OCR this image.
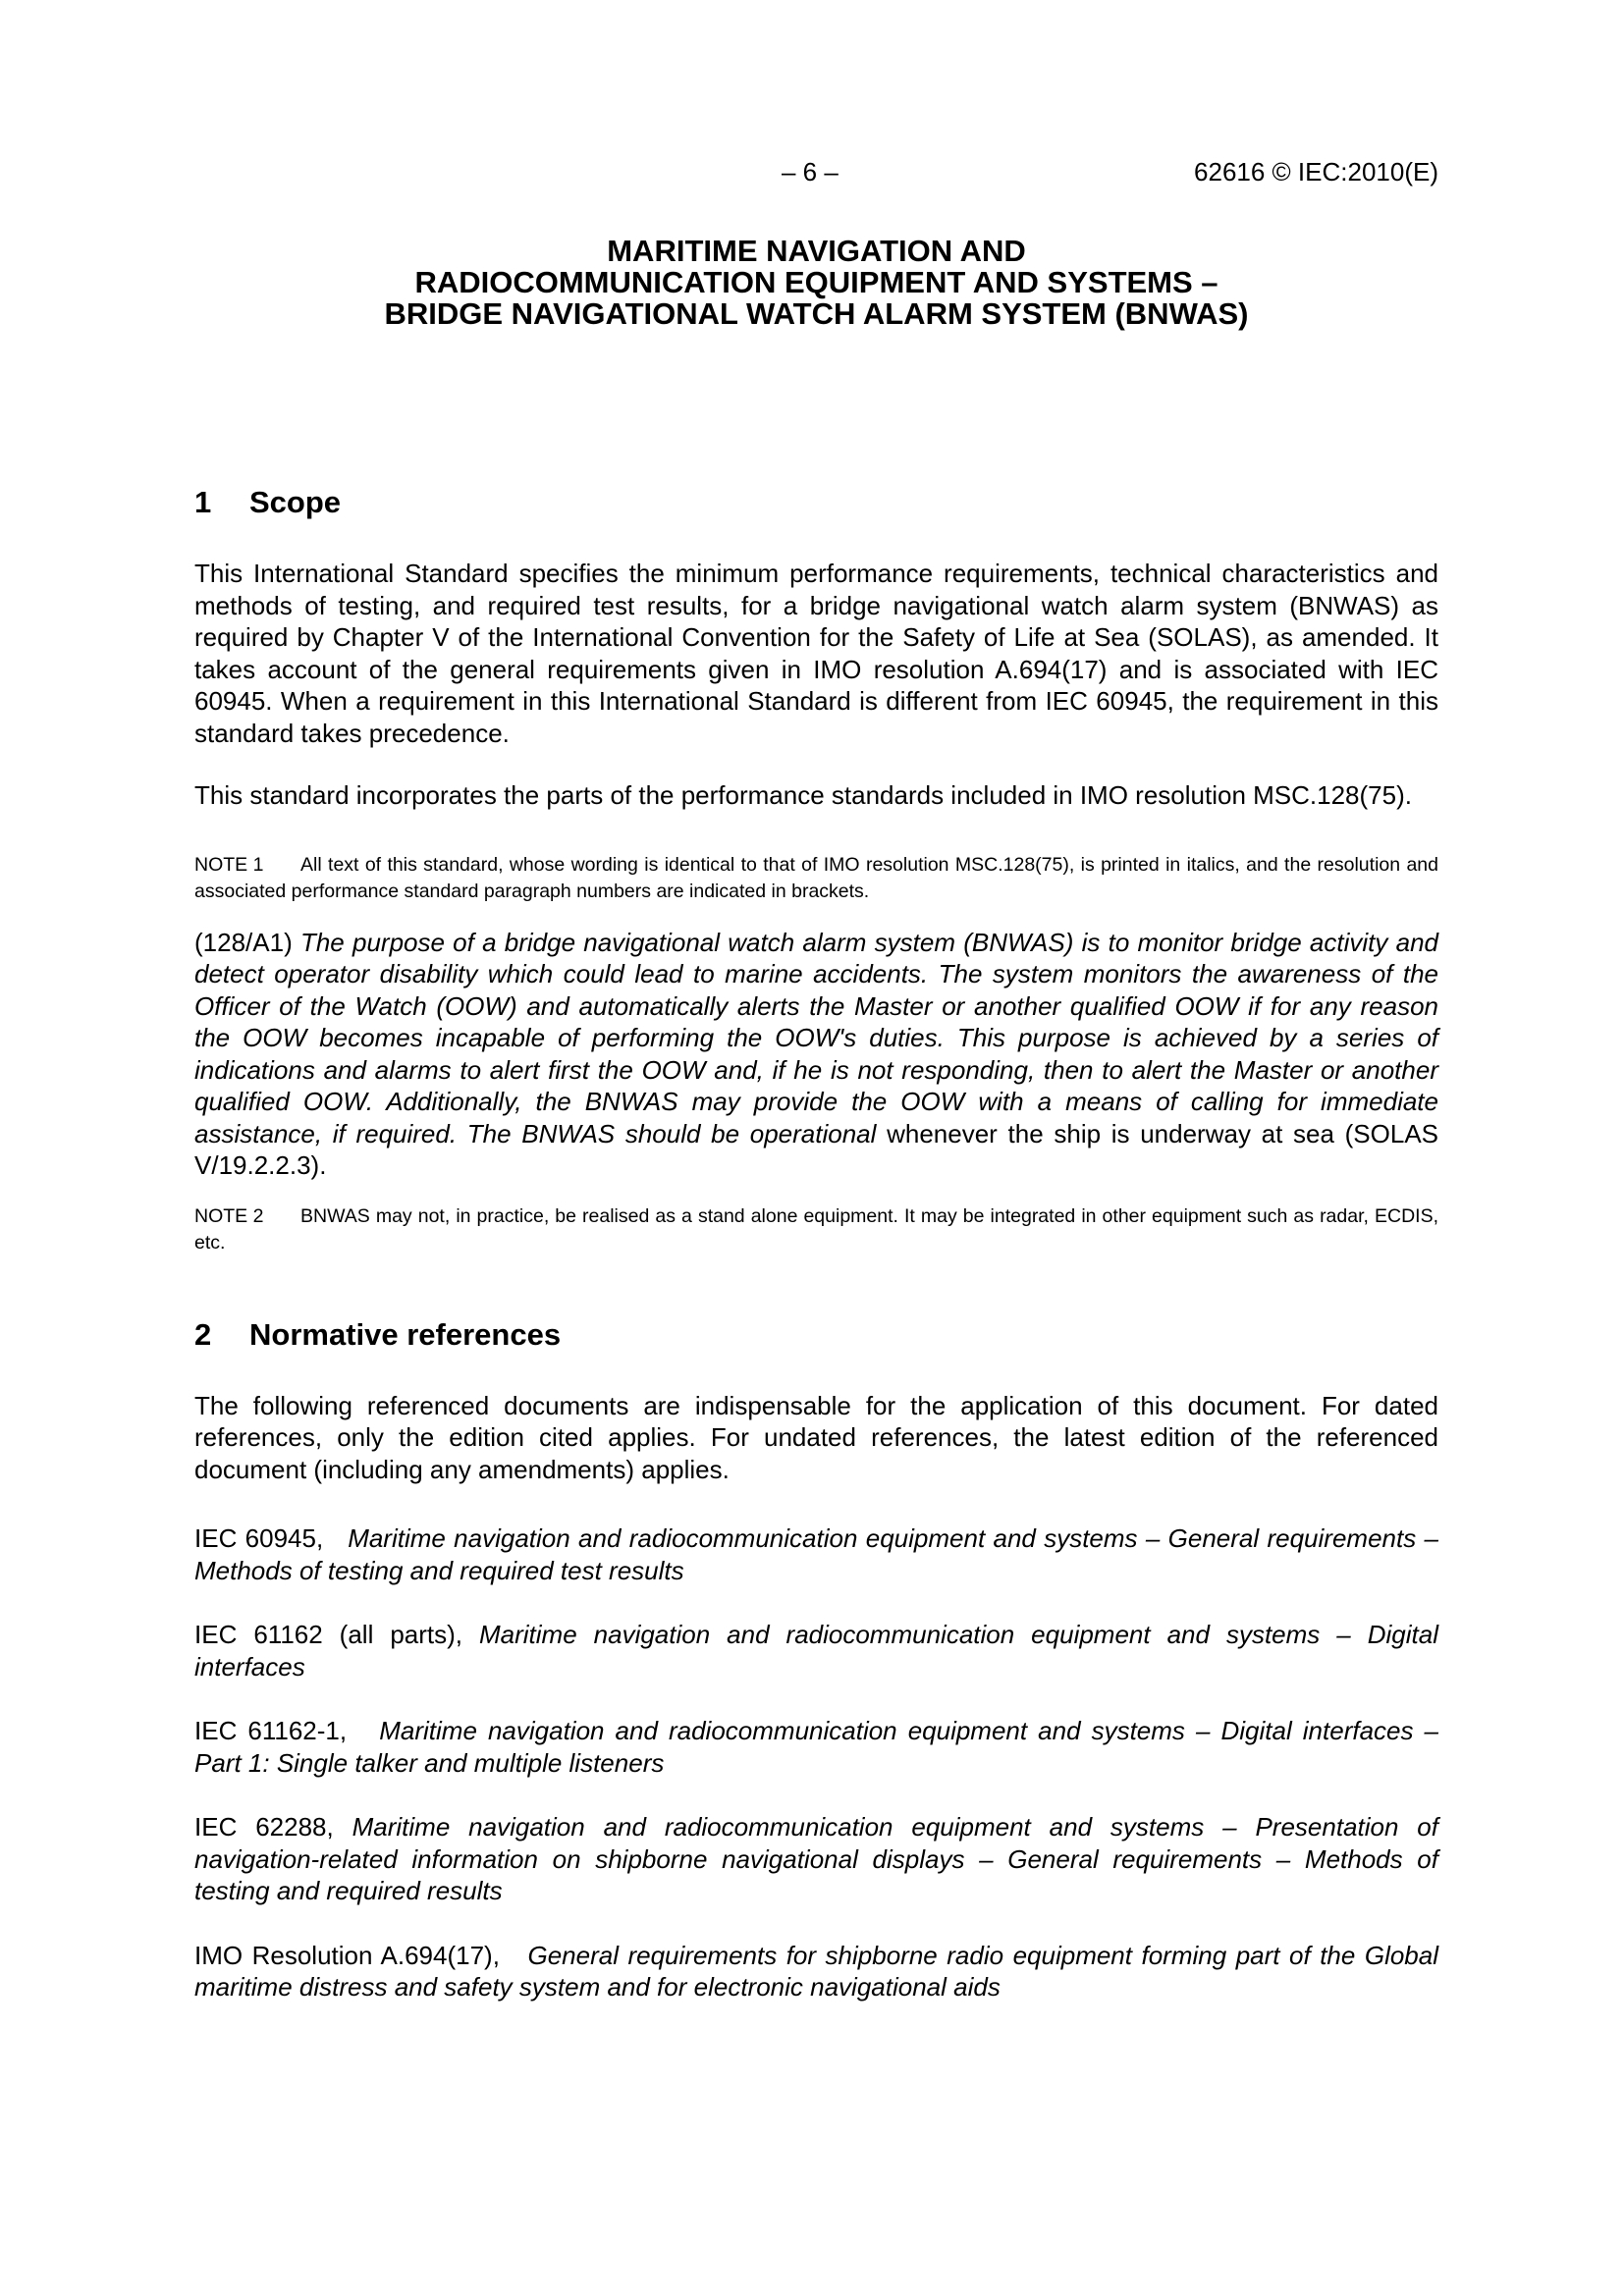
– 6 –	62616 © IEC:2010(E)
MARITIME NAVIGATION AND
RADIOCOMMUNICATION EQUIPMENT AND SYSTEMS –
BRIDGE NAVIGATIONAL WATCH ALARM SYSTEM (BNWAS)
1	Scope

This International Standard specifies the minimum performance requirements, technical characteristics and methods of testing, and required test results, for a bridge navigational watch alarm system (BNWAS) as required by Chapter V of the International Convention for the Safety of Life at Sea (SOLAS), as amended. It takes account of the general requirements given in IMO resolution A.694(17) and is associated with IEC 60945. When a requirement in this International Standard is different from IEC 60945, the requirement in this standard takes precedence.

This standard incorporates the parts of the performance standards included in IMO resolution MSC.128(75).

NOTE 1 All text of this standard, whose wording is identical to that of IMO resolution MSC.128(75), is printed in italics, and the resolution and associated performance standard paragraph numbers are indicated in brackets.

(128/A1) The purpose of a bridge navigational watch alarm system (BNWAS) is to monitor bridge activity and detect operator disability which could lead to marine accidents. The system monitors the awareness of the Officer of the Watch (OOW) and automatically alerts the Master or another qualified OOW if for any reason the OOW becomes incapable of performing the OOW's duties. This purpose is achieved by a series of indications and alarms to alert first the OOW and, if he is not responding, then to alert the Master or another qualified OOW. Additionally, the BNWAS may provide the OOW with a means of calling for immediate assistance, if required. The BNWAS should be operational whenever the ship is underway at sea (SOLAS V/19.2.2.3).

NOTE 2 BNWAS may not, in practice, be realised as a stand alone equipment. It may be integrated in other equipment such as radar, ECDIS, etc.
2	Normative references

The following referenced documents are indispensable for the application of this document. For dated references, only the edition cited applies. For undated references, the latest edition of the referenced document (including any amendments) applies.

IEC 60945, Maritime navigation and radiocommunication equipment and systems – General requirements – Methods of testing and required test results

IEC 61162 (all parts), Maritime navigation and radiocommunication equipment and systems – Digital interfaces

IEC 61162-1, Maritime navigation and radiocommunication equipment and systems – Digital interfaces – Part 1: Single talker and multiple listeners

IEC 62288, Maritime navigation and radiocommunication equipment and systems – Presentation of navigation-related information on shipborne navigational displays – General requirements – Methods of testing and required results

IMO Resolution A.694(17), General requirements for shipborne radio equipment forming part of the Global maritime distress and safety system and for electronic navigational aids
